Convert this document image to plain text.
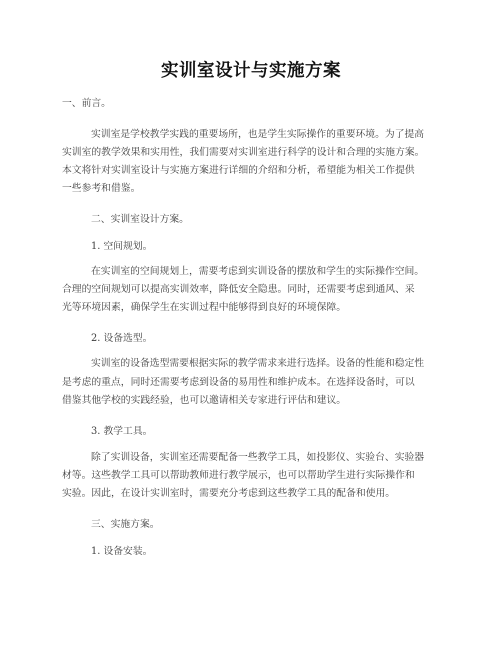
实训室设计与实施方案
一、前言。
实训室是学校教学实践的重要场所，也是学生实际操作的重要环境。为了提高
实训室的教学效果和实用性，我们需要对实训室进行科学的设计和合理的实施方案。
本文将针对实训室设计与实施方案进行详细的介绍和分析，希望能为相关工作提供
一些参考和借鉴。
二、实训室设计方案。
1. 空间规划。
在实训室的空间规划上，需要考虑到实训设备的摆放和学生的实际操作空间。
合理的空间规划可以提高实训效率，降低安全隐患。同时，还需要考虑到通风、采
光等环境因素，确保学生在实训过程中能够得到良好的环境保障。
2. 设备选型。
实训室的设备选型需要根据实际的教学需求来进行选择。设备的性能和稳定性
是考虑的重点，同时还需要考虑到设备的易用性和维护成本。在选择设备时，可以
借鉴其他学校的实践经验，也可以邀请相关专家进行评估和建议。
3. 教学工具。
除了实训设备，实训室还需要配备一些教学工具，如投影仪、实验台、实验器
材等。这些教学工具可以帮助教师进行教学展示，也可以帮助学生进行实际操作和
实验。因此，在设计实训室时，需要充分考虑到这些教学工具的配备和使用。
三、实施方案。
1. 设备安装。
